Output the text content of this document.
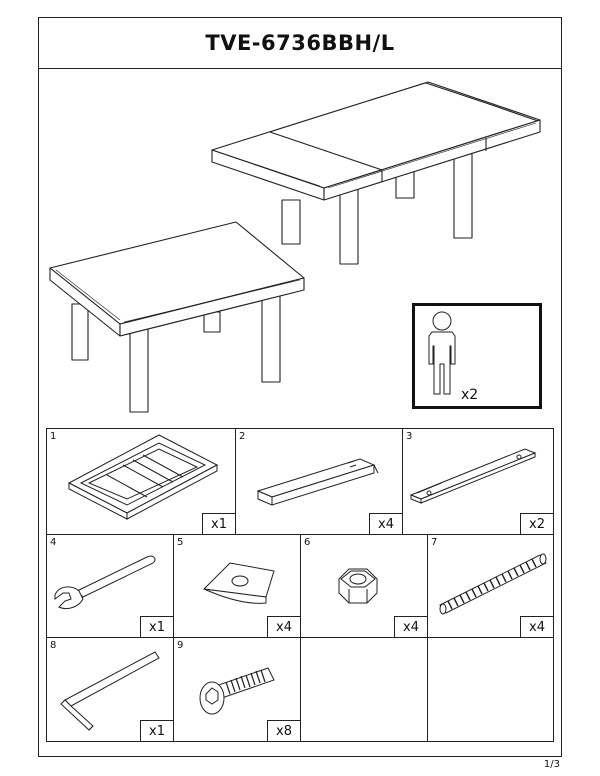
TVE-6736BBH/L
x2
1
x1
2
x4
3
x2
4
x1
5
x4
6
x4
7
x4
8
x1
9
x8
1/3
